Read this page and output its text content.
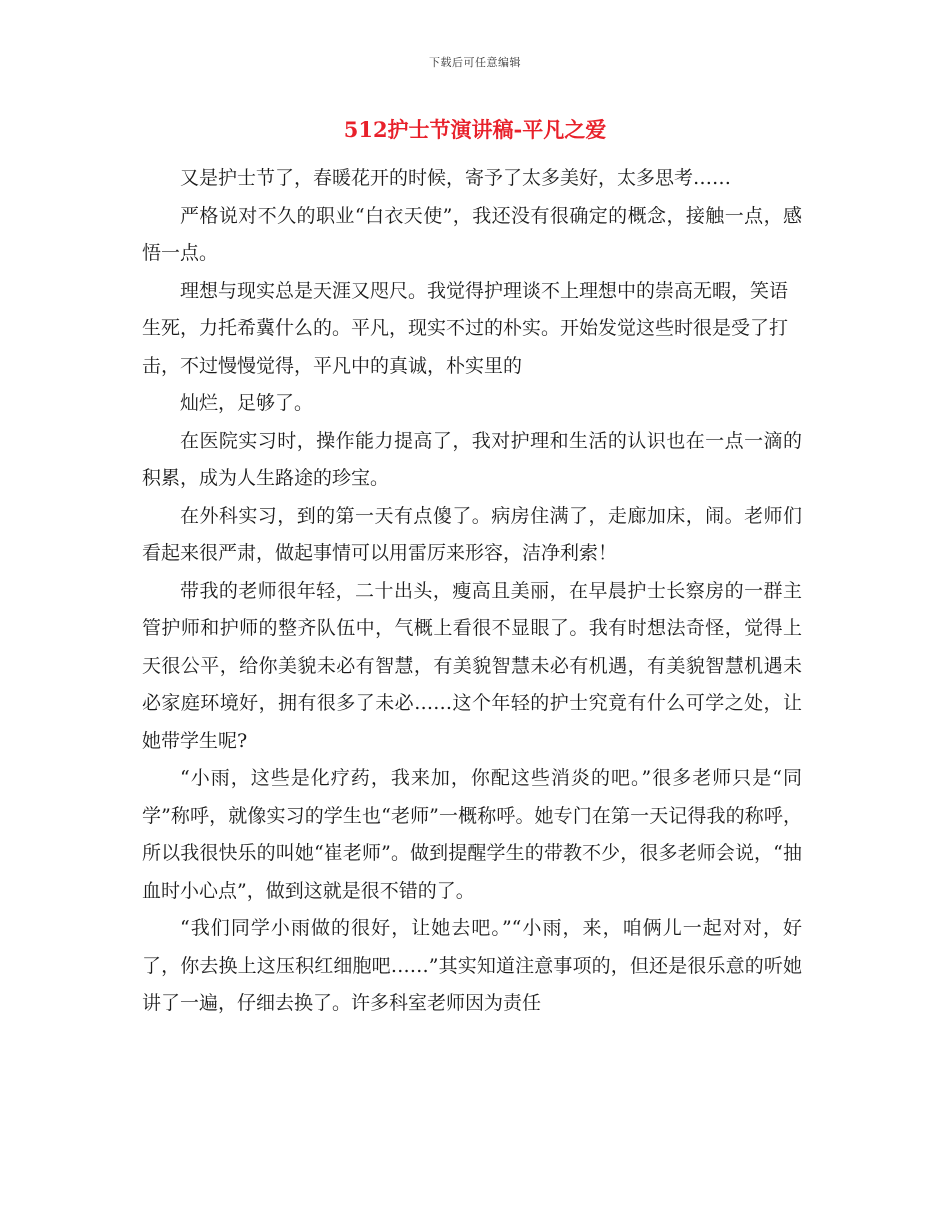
下载后可任意编辑
512护士节演讲稿-平凡之爱

又是护士节了，春暖花开的时候，寄予了太多美好，太多思考……

严格说对不久的职业“白衣天使”，我还没有很确定的概念，接触一点，感悟一点。

理想与现实总是天涯又咫尺。我觉得护理谈不上理想中的崇高无暇，笑语生死，力托希冀什么的。平凡，现实不过的朴实。开始发觉这些时很是受了打击，不过慢慢觉得，平凡中的真诚，朴实里的

灿烂，足够了。

在医院实习时，操作能力提高了，我对护理和生活的认识也在一点一滴的积累，成为人生路途的珍宝。

在外科实习，到的第一天有点傻了。病房住满了，走廊加床，闹。老师们看起来很严肃，做起事情可以用雷厉来形容，洁净利索！

带我的老师很年轻，二十出头，瘦高且美丽，在早晨护士长察房的一群主管护师和护师的整齐队伍中，气概上看很不显眼了。我有时想法奇怪，觉得上天很公平，给你美貌未必有智慧，有美貌智慧未必有机遇，有美貌智慧机遇未必家庭环境好，拥有很多了未必……这个年轻的护士究竟有什么可学之处，让她带学生呢?

“小雨，这些是化疗药，我来加，你配这些消炎的吧。”很多老师只是“同学”称呼，就像实习的学生也“老师”一概称呼。她专门在第一天记得我的称呼，所以我很快乐的叫她“崔老师”。做到提醒学生的带教不少，很多老师会说，“抽血时小心点”，做到这就是很不错的了。

“我们同学小雨做的很好，让她去吧。”“小雨，来，咱俩儿一起对对，好了，你去换上这压积红细胞吧……”其实知道注意事项的，但还是很乐意的听她讲了一遍，仔细去换了。许多科室老师因为责任
